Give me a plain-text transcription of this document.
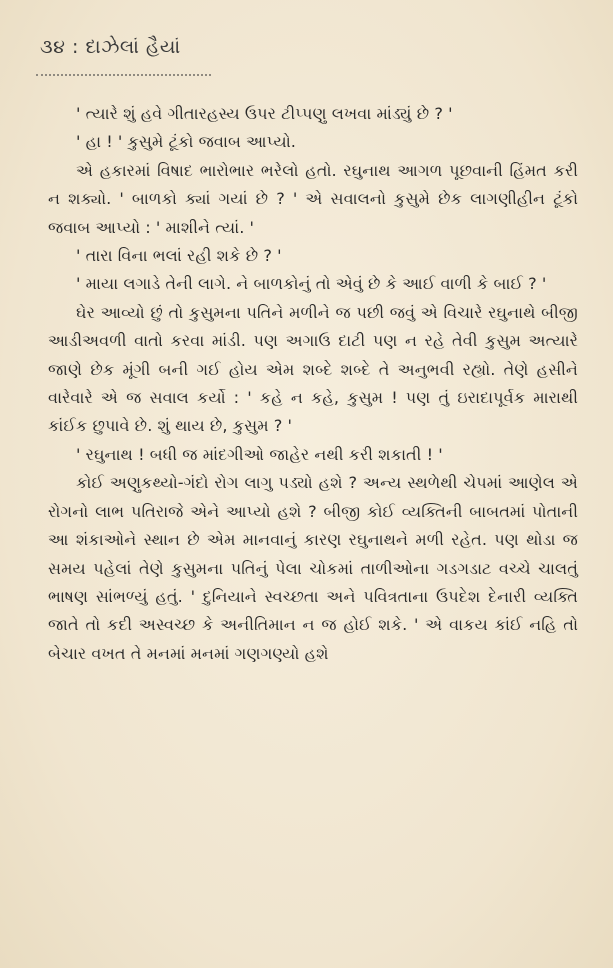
૩૪ : દાઝેલાં હૈયાં

' ત્યારે શું હવે ગીતારહસ્ય ઉપર ટીપ્પણુ લખવા માંડ્યું છે ? '

' હા ! ' કુસુમે ટૂંકો જવાબ આપ્યો.

એ હકારમાં વિષાદ ભારોભાર ભરેલો હતો. રઘુનાથ આગળ પૂછવાની હિંમત કરી ન શક્યો. ' બાળકો ક્યાં ગયાં છે ? ' એ સવાલનો કુસુમે છેક લાગણીહીન ટૂંકો જવાબ આપ્યો : ' માશીને ત્યાં. '

' તારા વિના ભલાં રહી શકે છે ? '

' માયા લગાડે તેની લાગે. ને બાળકોનું તો એવું છે કે આઈ વાળી કે બાઈ ? '

ઘેર આવ્યો છું તો કુસુમના પતિને મળીને જ પછી જવું એ વિચારે રઘુનાથે બીજી આડીઅવળી વાતો કરવા માંડી. પણ અગાઉ દાટી પણ ન રહે તેવી કુસુમ અત્યારે જાણે છેક મૂંગી બની ગઈ હોય એમ શબ્દે શબ્દે તે અનુભવી રહ્યો. તેણે હસીને વારેવારે એ જ સવાલ કર્યો : ' કહે ન કહે, કુસુમ ! પણ તું ઇરાદાપૂર્વક મારાથી કાંઈક છુપાવે છે. શું થાય છે, કુસુમ ? '

' રઘુનાથ ! બધી જ માંદગીઓ જાહેર નથી કરી શકાતી ! '

કોઈ અણુકથ્યો-ગંદો રોગ લાગુ પડ્યો હશે ? અન્ય સ્થળેથી ચેપમાં આણેલ એ રોગનો લાભ પતિરાજે એને આપ્યો હશે ? બીજી કોઈ વ્યક્તિની બાબતમાં પોતાની આ શંકાઓને સ્થાન છે એમ માનવાનું કારણ રઘુનાથને મળી રહેત. પણ થોડા જ સમય પહેલાં તેણે કુસુમના પતિનું પેલા ચોકમાં તાળીઓના ગડગડાટ વચ્ચે ચાલતું ભાષણ સાંભળ્યું હતું. ' દુનિયાને સ્વચ્છતા અને પવિત્રતાના ઉપદેશ દેનારી વ્યક્તિ જાતે તો કદી અસ્વચ્છ કે અનીતિમાન ન જ હોઈ શકે. ' એ વાકય કાંઈ નહિ તો બેચાર વખત તે મનમાં મનમાં ગણગણ્યો હશે
